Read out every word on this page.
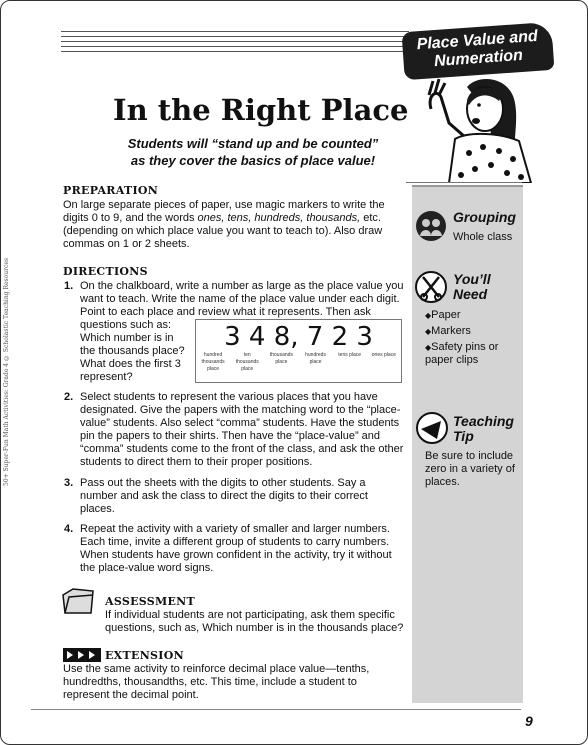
Place Value and
Numeration
In the Right Place
Students will “stand up and be counted”
as they cover the basics of place value!
PREPARATION
On large separate pieces of paper, use magic markers to write the digits 0 to 9, and the words ones, tens, hundreds, thousands, etc. (depending on which place value you want to teach to). Also draw commas on 1 or 2 sheets.
DIRECTIONS
1. On the chalkboard, write a number as large as the place value you want to teach. Write the name of the place value under each digit. Point to each place and review what it represents. Then ask
questions such as: Which number is in the thousands place? What does the first 3 represent?
3 4 8, 7 2 3
hundred thousands place
ten thousands place
thousands place
hundreds place
tens place	ones place
2. Select students to represent the various places that you have designated. Give the papers with the matching word to the “place-value” students. Also select “comma” students. Have the students pin the papers to their shirts. Then have the “place-value” and “comma” students come to the front of the class, and ask the other students to direct them to their proper positions.
3. Pass out the sheets with the digits to other students. Say a number and ask the class to direct the digits to their correct places.
4. Repeat the activity with a variety of smaller and larger numbers. Each time, invite a different group of students to carry numbers. When students have grown confident in the activity, try it without the place-value word signs.
ASSESSMENT
If individual students are not participating, ask them specific questions, such as, Which number is in the thousands place?
EXTENSION
Use the same activity to reinforce decimal place value—tenths, hundredths, thousandths, etc. This time, include a student to represent the decimal point.
Grouping
Whole class
You’ll
Need
◆ Paper
◆ Markers
◆ Safety pins or paper clips
Teaching
Tip
Be sure to include zero in a variety of places.
50+ Super-Fun Math Activities: Grade 4 © Scholastic Teaching Resources
9
